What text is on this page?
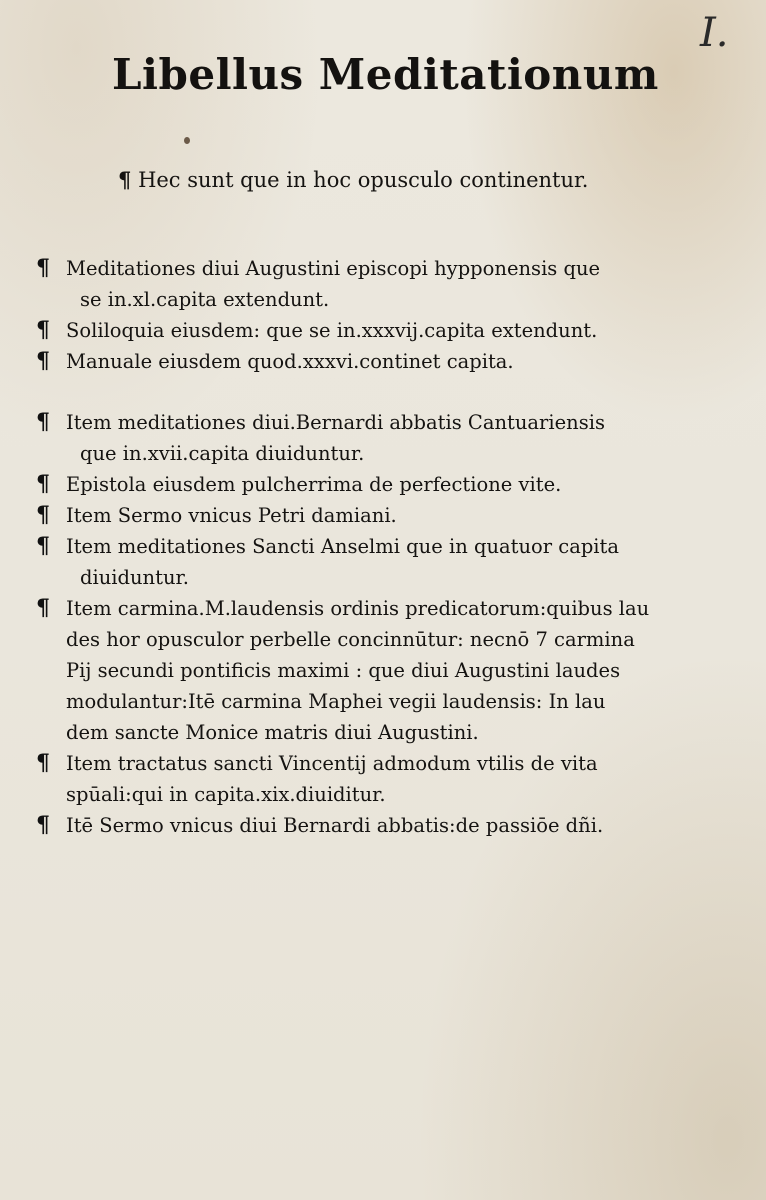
I.
Libellus Meditationum
¶ Hec sunt que in hoc opusculo continentur.
¶ Meditationes diui Augustini episcopi hypponensis que
se in.xl.capita extendunt.
¶ Soliloquia eiusdem: que se in.xxxvij.capita extendunt.
¶ Manuale eiusdem quod.xxxvi.continet capita.
¶ Item meditationes diui.Bernardi abbatis Cantuariensis
que in.xvii.capita diuiduntur.
¶ Epistola eiusdem pulcherrima de perfectione vite.
¶ Item Sermo vnicus Petri damiani.
¶ Item meditationes Sancti Anselmi que in quatuor capita
diuiduntur.
¶ Item carmina.M.laudensis ordinis predicatorum:quibus lau
des hor opusculor perbelle concinnūtur: necnō 7 carmina
Pij secundi pontificis maximi : que diui Augustini laudes
modulantur:Itē carmina Maphei vegii laudensis: In lau
dem sancte Monice matris diui Augustini.
¶ Item tractatus sancti Vincentij admodum vtilis de vita
spūali:qui in capita.xix.diuiditur.
¶ Itē Sermo vnicus diui Bernardi abbatis:de passiōe dñi.
